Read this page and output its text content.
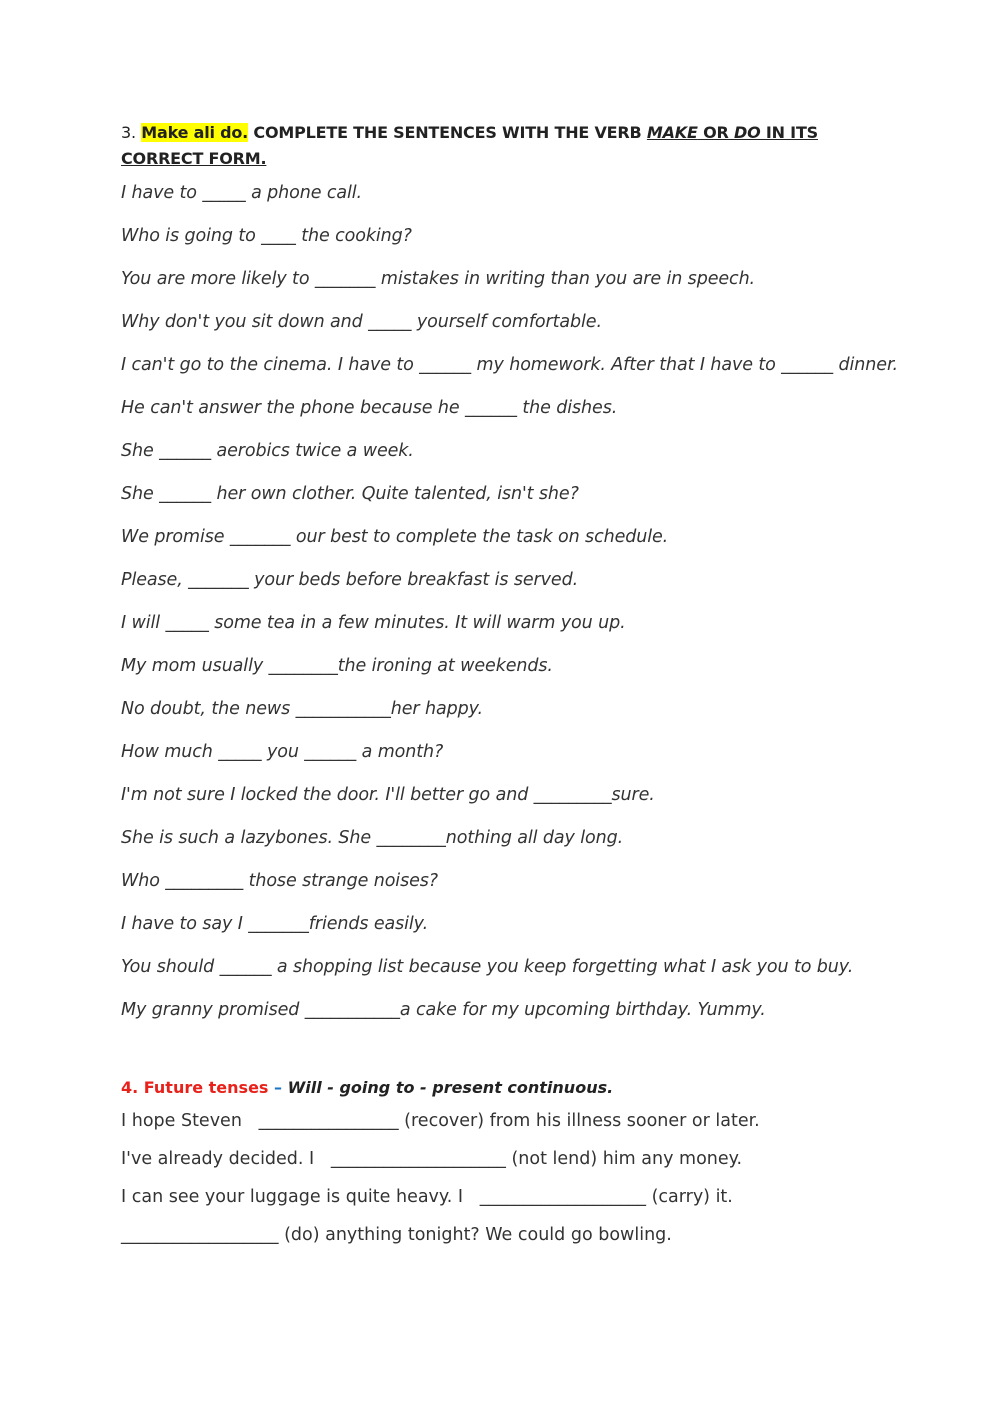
3. Make ali do. COMPLETE THE SENTENCES WITH THE VERB MAKE OR DO IN ITS
CORRECT FORM.
I have to _____ a phone call.
Who is going to ____ the cooking?
You are more likely to _______ mistakes in writing than you are in speech.
Why don't you sit down and _____ yourself comfortable.
I can't go to the cinema. I have to ______ my homework. After that I have to ______ dinner.
He can't answer the phone because he ______ the dishes.
She ______ aerobics twice a week.
She ______ her own clother. Quite talented, isn't she?
We promise _______ our best to complete the task on schedule.
Please, _______ your beds before breakfast is served.
I will _____ some tea in a few minutes. It will warm you up.
My mom usually ________the ironing at weekends.
No doubt, the news ___________her happy.
How much _____ you ______ a month?
I'm not sure I locked the door. I'll better go and _________sure.
She is such a lazybones. She ________nothing all day long.
Who _________ those strange noises?
I have to say I _______friends easily.
You should ______ a shopping list because you keep forgetting what I ask you to buy.
My granny promised ___________a cake for my upcoming birthday. Yummy.
4. Future tenses – Will - going to - present continuous.
I hope Steven   ________________ (recover) from his illness sooner or later.
I've already decided. I   ____________________ (not lend) him any money.
I can see your luggage is quite heavy. I   ___________________ (carry) it.
__________________ (do) anything tonight? We could go bowling.
